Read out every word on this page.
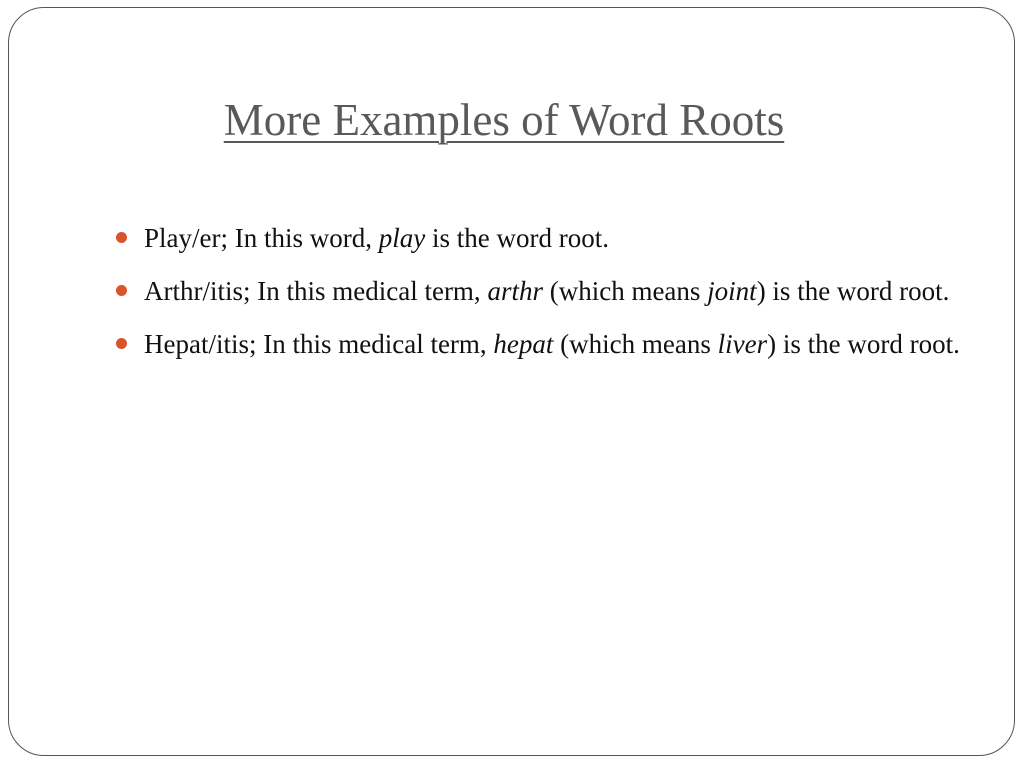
More Examples of Word Roots
Play/er; In this word, play is the word root.
Arthr/itis; In this medical term, arthr (which means joint) is the word root.
Hepat/itis; In this medical term, hepat (which means liver) is the word root.
